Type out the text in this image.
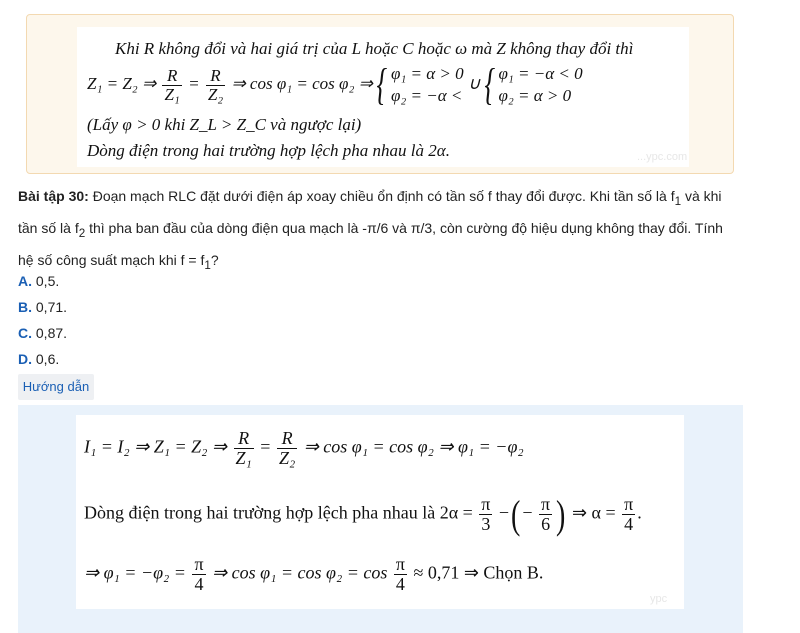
Khi R không đổi và hai giá trị của L hoặc C hoặc ω mà Z không thay đổi thì
Z₁ = Z₂ ⇒ $\frac{R}{\text{Z₁}} = \frac{R}{\text{Z₂}}$ ⇒ cos φ₁ = cos φ₂ ⇒ { φ₁ = α > 0
φ₂ = −α <
∪ { φ₁ = −α < 0
φ₂ = α > 0
(Lấy φ > 0 khi Z_L > Z_C và ngược lại)
Dòng điện trong hai trường hợp lệch pha nhau là 2α.	...ypc.com
Bài tập 30: Đoạn mạch RLC đặt dưới điện áp xoay chiều ổn định có tần số f thay đổi được. Khi tần số là $f_1$ và khi tần số là $f_2$ thì pha ban đầu của dòng điện qua mạch là -π/6 và π/3, còn cường độ hiệu dụng không thay đổi. Tính hệ số công suất mạch khi $f = f_1$?
A. 0,5.
B. 0,71.
C. 0,87.
D. 0,6.
Hướng dẫn
I₁ = I₂ ⇒ Z₁ = Z₂ ⇒ $\frac{R}{\text{Z₁}} = \frac{R}{\text{Z₂}}$ ⇒ cos φ₁ = cos φ₂ ⇒ φ₁ = −φ₂
Dòng điện trong hai trường hợp lệch pha nhau là $2\alpha = \frac{\pi}{3}$ −( − $\frac{\pi}{6}$ ) ⇒ $\alpha = \frac{\pi}{4}$ .
⇒ $\varphi_1 = -\varphi_2 = \frac{\pi}{4}$ ⇒ $\cos \varphi_1 = \cos \varphi_2 = \cos \frac{\pi}{4} \approx 0,71$ ⇒ Chọn B.
ypc
